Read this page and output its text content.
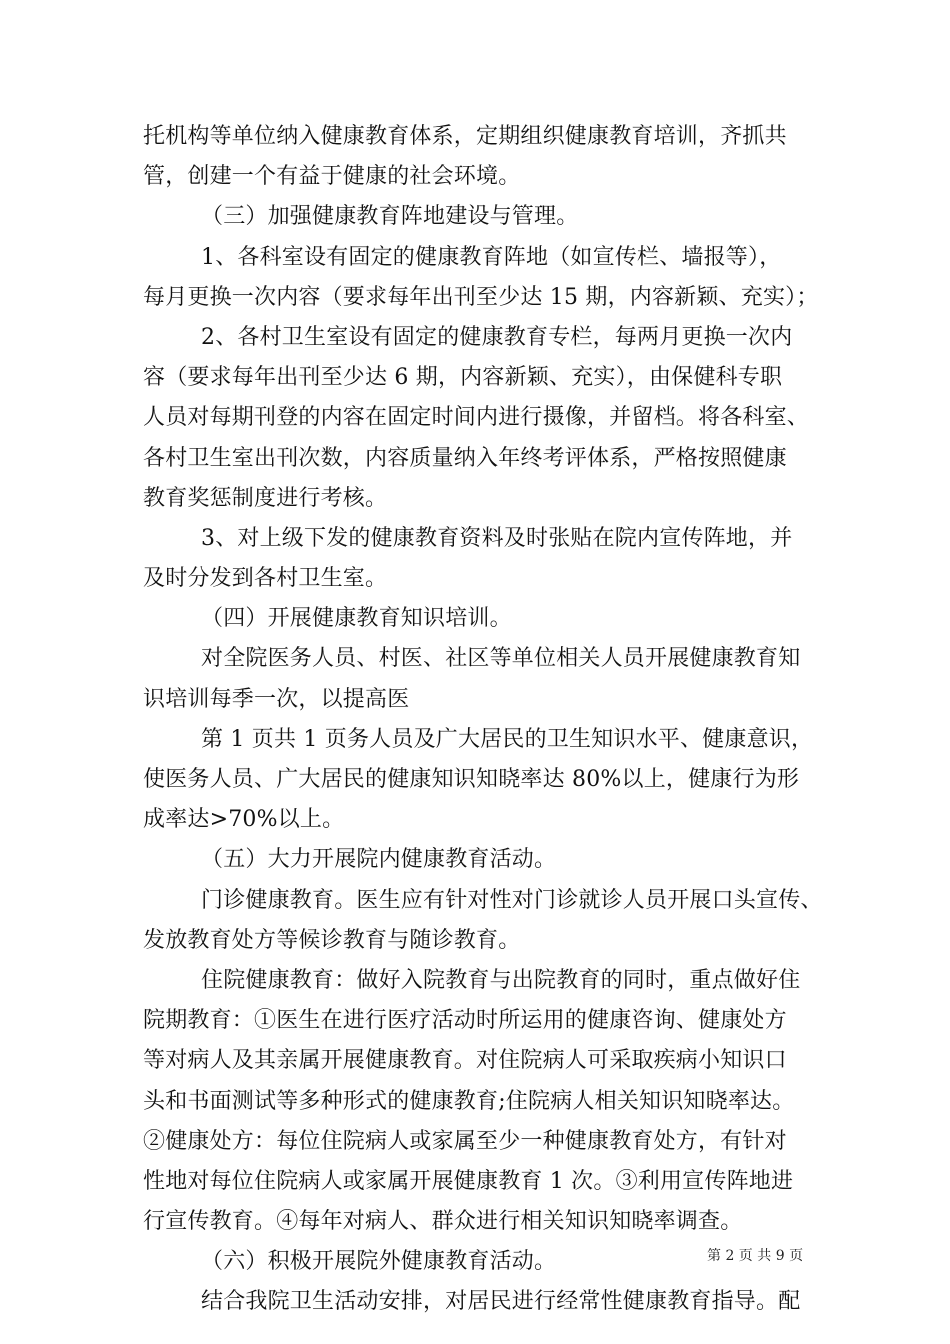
托机构等单位纳入健康教育体系，定期组织健康教育培训，齐抓共
管，创建一个有益于健康的社会环境。
（三）加强健康教育阵地建设与管理。
1、各科室设有固定的健康教育阵地（如宣传栏、墙报等），
每月更换一次内容（要求每年出刊至少达 15 期，内容新颖、充实）；
2、各村卫生室设有固定的健康教育专栏，每两月更换一次内
容（要求每年出刊至少达 6 期，内容新颖、充实），由保健科专职
人员对每期刊登的内容在固定时间内进行摄像，并留档。将各科室、
各村卫生室出刊次数，内容质量纳入年终考评体系，严格按照健康
教育奖惩制度进行考核。
3、对上级下发的健康教育资料及时张贴在院内宣传阵地，并
及时分发到各村卫生室。
（四）开展健康教育知识培训。
对全院医务人员、村医、社区等单位相关人员开展健康教育知
识培训每季一次，以提高医
第 1 页共 1 页务人员及广大居民的卫生知识水平、健康意识，
使医务人员、广大居民的健康知识知晓率达 80%以上，健康行为形
成率达>70%以上。
（五）大力开展院内健康教育活动。
门诊健康教育。医生应有针对性对门诊就诊人员开展口头宣传、
发放教育处方等候诊教育与随诊教育。
住院健康教育：做好入院教育与出院教育的同时，重点做好住
院期教育：①医生在进行医疗活动时所运用的健康咨询、健康处方
等对病人及其亲属开展健康教育。对住院病人可采取疾病小知识口
头和书面测试等多种形式的健康教育;住院病人相关知识知晓率达。
②健康处方：每位住院病人或家属至少一种健康教育处方，有针对
性地对每位住院病人或家属开展健康教育 1 次。③利用宣传阵地进
行宣传教育。④每年对病人、群众进行相关知识知晓率调查。
（六）积极开展院外健康教育活动。
结合我院卫生活动安排，对居民进行经常性健康教育指导。配
第 2 页 共 9 页
